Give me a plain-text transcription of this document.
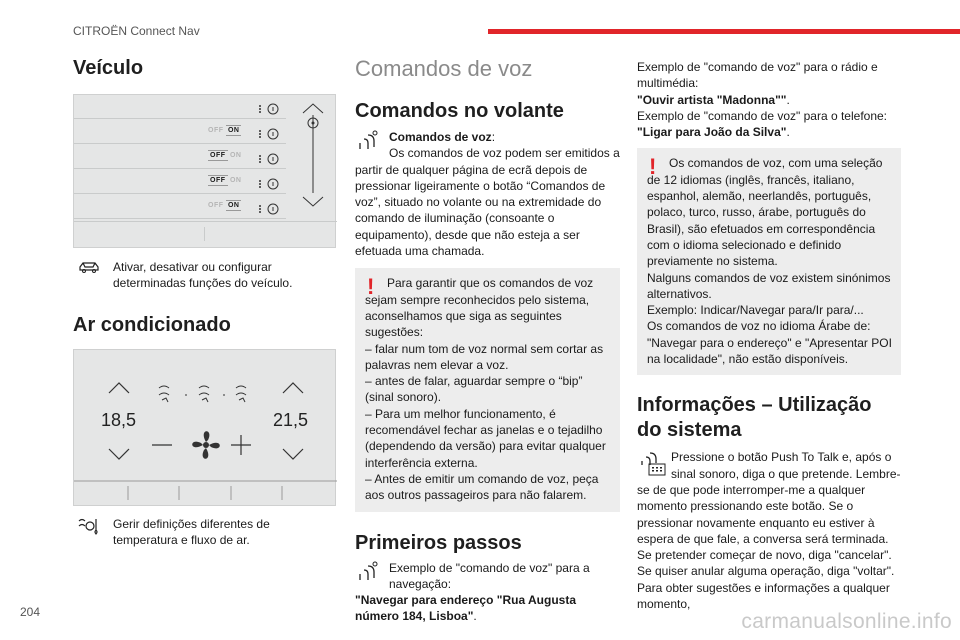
CITROËN Connect Nav
Veículo
OFF ON
OFF ON
OFF ON
OFF ON

Ativar, desativar ou configurar determinadas funções do veículo.

Ar condicionado
18,5	21,5

Gerir definições diferentes de temperatura e fluxo de ar.

Comandos de voz
Comandos no volante

Comandos de voz:

Os comandos de voz podem ser emitidos a partir de qualquer página de ecrã depois de pressionar ligeiramente o botão “Comandos de voz”, situado no volante ou na extremidade do comando de iluminação (consoante o equipamento), desde que não esteja a ser efetuada uma chamada.

!	Para garantir que os comandos de voz sejam sempre reconhecidos pelo sistema, aconselhamos que siga as seguintes sugestões:

– falar num tom de voz normal sem cortar as palavras nem elevar a voz.

– antes de falar, aguardar sempre o “bip” (sinal sonoro).

– Para um melhor funcionamento, é recomendável fechar as janelas e o tejadilho (dependendo da versão) para evitar qualquer interferência externa.

– Antes de emitir um comando de voz, peça aos outros passageiros para não falarem.

Primeiros passos

Exemplo de "comando de voz" para a navegação:

"Navegar para endereço "Rua Augusta número 184, Lisboa".

Exemplo de "comando de voz" para o rádio e multimédia:

"Ouvir artista "Madonna"".

Exemplo de "comando de voz" para o telefone:

"Ligar para João da Silva".

!	Os comandos de voz, com uma seleção de 12 idiomas (inglês, francês, italiano, espanhol, alemão, neerlandês, português, polaco, turco, russo, árabe, português do Brasil), são efetuados em correspondência com o idioma selecionado e definido previamente no sistema.

Nalguns comandos de voz existem sinónimos alternativos.

Exemplo: Indicar/Navegar para/Ir para/...

Os comandos de voz no idioma Árabe de: "Navegar para o endereço" e "Apresentar POI na localidade", não estão disponíveis.

Informações – Utilização do sistema

Pressione o botão Push To Talk e, após o sinal sonoro, diga o que pretende. Lembre-se de que pode interromper-me a qualquer momento pressionando este botão. Se o pressionar novamente enquanto eu estiver à espera de que fale, a conversa será terminada. Se pretender começar de novo, diga "cancelar". Se quiser anular alguma operação, diga "voltar". Para obter sugestões e informações a qualquer momento,

204	carmanualsonline.info
